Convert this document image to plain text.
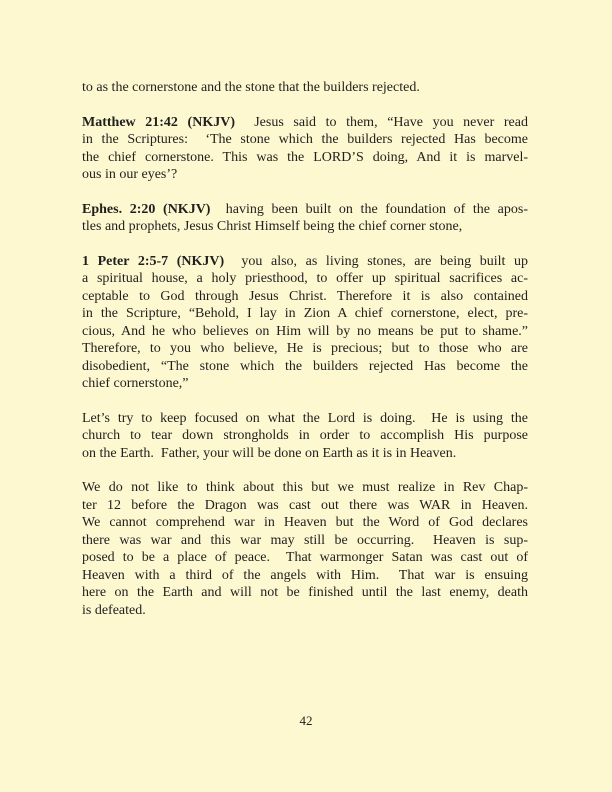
to as the cornerstone and the stone that the builders rejected.
Matthew 21:42 (NKJV)  Jesus said to them, “Have you never read
in the Scriptures:  ‘The stone which the builders rejected Has become
the chief cornerstone. This was the LORD’S doing, And it is marvel-
ous in our eyes’?
Ephes. 2:20 (NKJV)  having been built on the foundation of the apos-
tles and prophets, Jesus Christ Himself being the chief corner stone,
1 Peter 2:5-7 (NKJV)  you also, as living stones, are being built up
a spiritual house, a holy priesthood, to offer up spiritual sacrifices ac-
ceptable to God through Jesus Christ. Therefore it is also contained
in the Scripture, “Behold, I lay in Zion A chief cornerstone, elect, pre-
cious, And he who believes on Him will by no means be put to shame.”
Therefore, to you who believe, He is precious; but to those who are
disobedient, “The stone which the builders rejected Has become the
chief cornerstone,”
Let’s try to keep focused on what the Lord is doing.  He is using the
church to tear down strongholds in order to accomplish His purpose
on the Earth.  Father, your will be done on Earth as it is in Heaven.
We do not like to think about this but we must realize in Rev Chap-
ter 12 before the Dragon was cast out there was WAR in Heaven.
We cannot comprehend war in Heaven but the Word of God declares
there was war and this war may still be occurring.  Heaven is sup-
posed to be a place of peace.  That warmonger Satan was cast out of
Heaven with a third of the angels with Him.  That war is ensuing
here on the Earth and will not be finished until the last enemy, death
is defeated.
42
